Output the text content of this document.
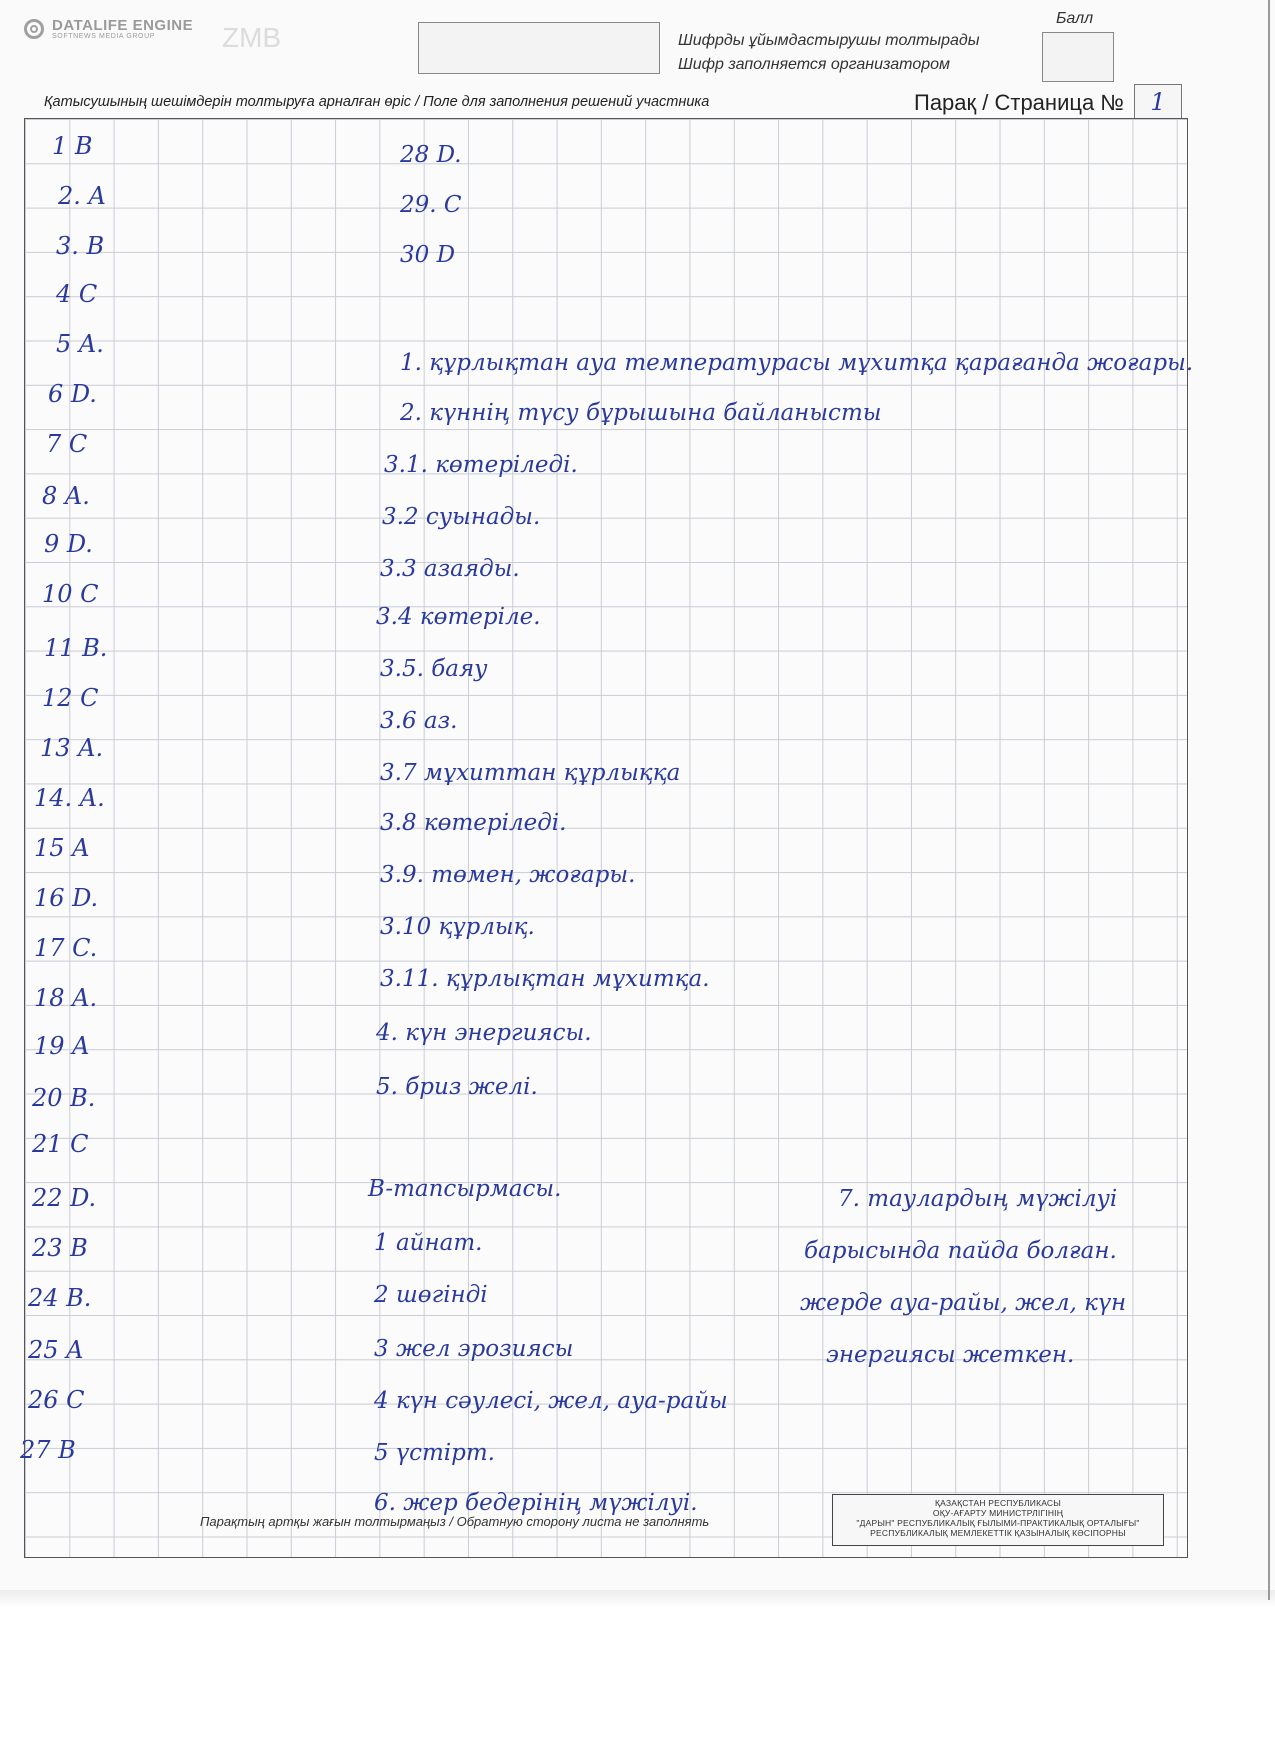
DATALIFE ENGINE
SOFTNEWS MEDIA GROUP	ZMB	Шифрды ұйымдастырушы толтырады
Шифр заполняется организатором
Балл
Қатысушының шешімдерін толтыруға арналған өріс / Поле для заполнения решений участника	Парақ / Страница №	1
1 B
2. A
3. B
4 C
5 A.
6 D.
7 C
8 A.
9 D.
10 C
11 B.
12 C
13 A.
14. A.
15 A
16 D.
17 C.
18 A.
19 A
20 B.
21 C
22 D.
23 B
24 B.
25 A
26 C
27 B
28 D.
29. C
30 D
1. құрлықтан ауа температурасы мұхитқа қарағанда жоғары.
2. күннің түсу бұрышына байланысты
3.1. көтеріледі.
3.2 суынады.
3.3 азаяды.
3.4 көтеріле.
3.5. баяу
3.6 аз.
3.7 мұхиттан құрлыққа
3.8 көтеріледі.
3.9. төмен, жоғары.
3.10 құрлық.
3.11. құрлықтан мұхитқа.
4. күн энергиясы.
5. бриз желі.
B-тапсырмасы.
1 айнат.
2 шөгінді
3 жел эрозиясы
4 күн сәулесі, жел, ауа-райы
5 үстірт.
6. жер бедерінің мүжілуі.
7. таулардың мүжілуі
барысында пайда болған.
жерде ауа-райы, жел, күн
энергиясы жеткен.
Парақтың артқы жағын толтырмаңыз / Обратную сторону листа не заполнять
ҚАЗАҚСТАН РЕСПУБЛИКАСЫ
ОҚУ-АҒАРТУ МИНИСТРЛІГІНІҢ
"ДАРЫН" РЕСПУБЛИКАЛЫҚ ҒЫЛЫМИ-ПРАКТИКАЛЫҚ ОРТАЛЫҒЫ"
РЕСПУБЛИКАЛЫҚ МЕМЛЕКЕТТІК ҚАЗЫНАЛЫҚ КӘСІПОРНЫ
